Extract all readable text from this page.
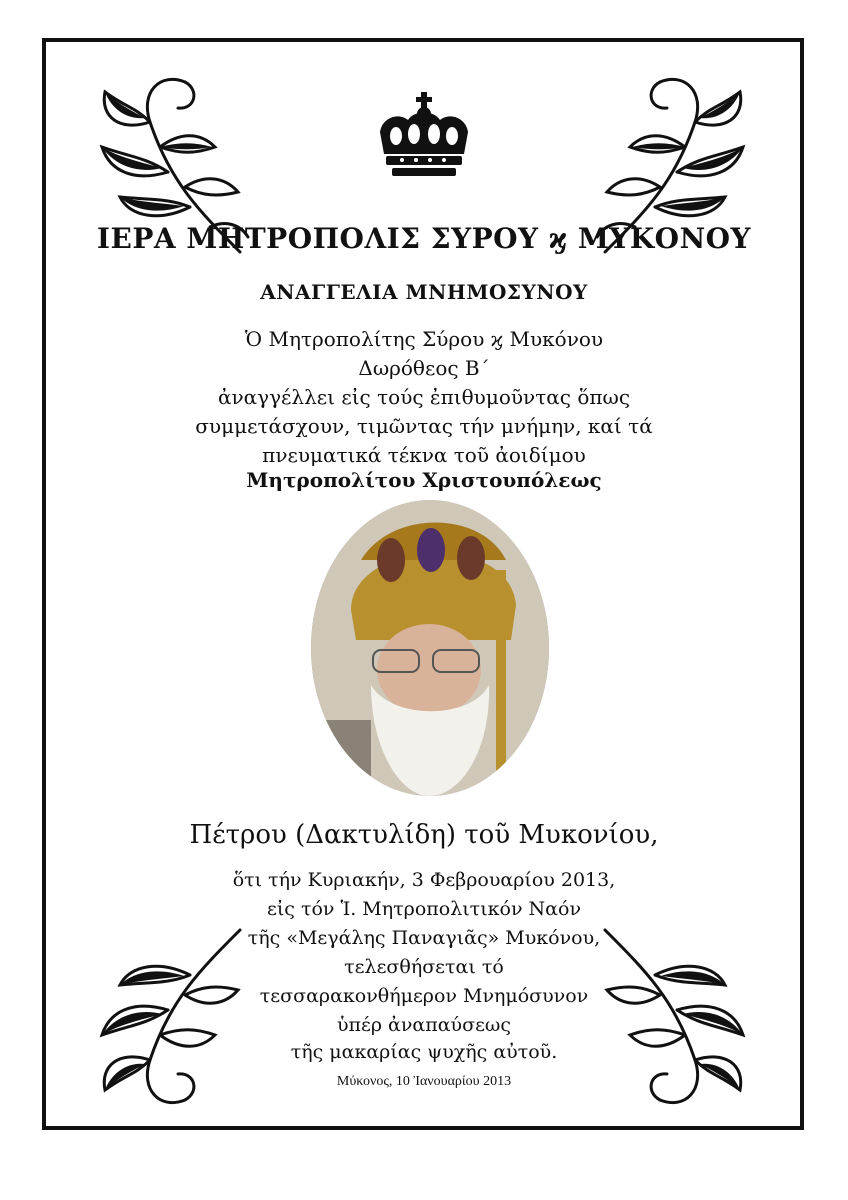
ΙΕΡΑ ΜΗΤΡΟΠΟΛΙΣ ΣΥΡΟΥ ϗ ΜΥΚΟΝΟΥ
ΑΝΑΓΓΕΛΙΑ ΜΝΗΜΟΣΥΝΟΥ
Ὁ Μητροπολίτης Σύρου ϗ Μυκόνου
Δωρόθεος Β΄
ἀναγγέλλει εἰς τούς ἐπιθυμοῦντας ὅπως
συμμετάσχουν, τιμῶντας τήν μνήμην, καί τά
πνευματικά τέκνα τοῦ ἀοιδίμου
Μητροπολίτου Χριστουπόλεως
Πέτρου (Δακτυλίδη) τοῦ Μυκονίου,
ὅτι τήν Κυριακήν, 3 Φεβρουαρίου 2013,
εἰς τόν Ἱ. Μητροπολιτικόν Ναόν
τῆς «Μεγάλης Παναγιᾶς» Μυκόνου,
τελεσθήσεται τό
τεσσαρακονθήμερον Μνημόσυνον
ὑπέρ ἀναπαύσεως
τῆς μακαρίας ψυχῆς αὐτοῦ.
Μύκονος, 10 Ἰανουαρίου 2013
